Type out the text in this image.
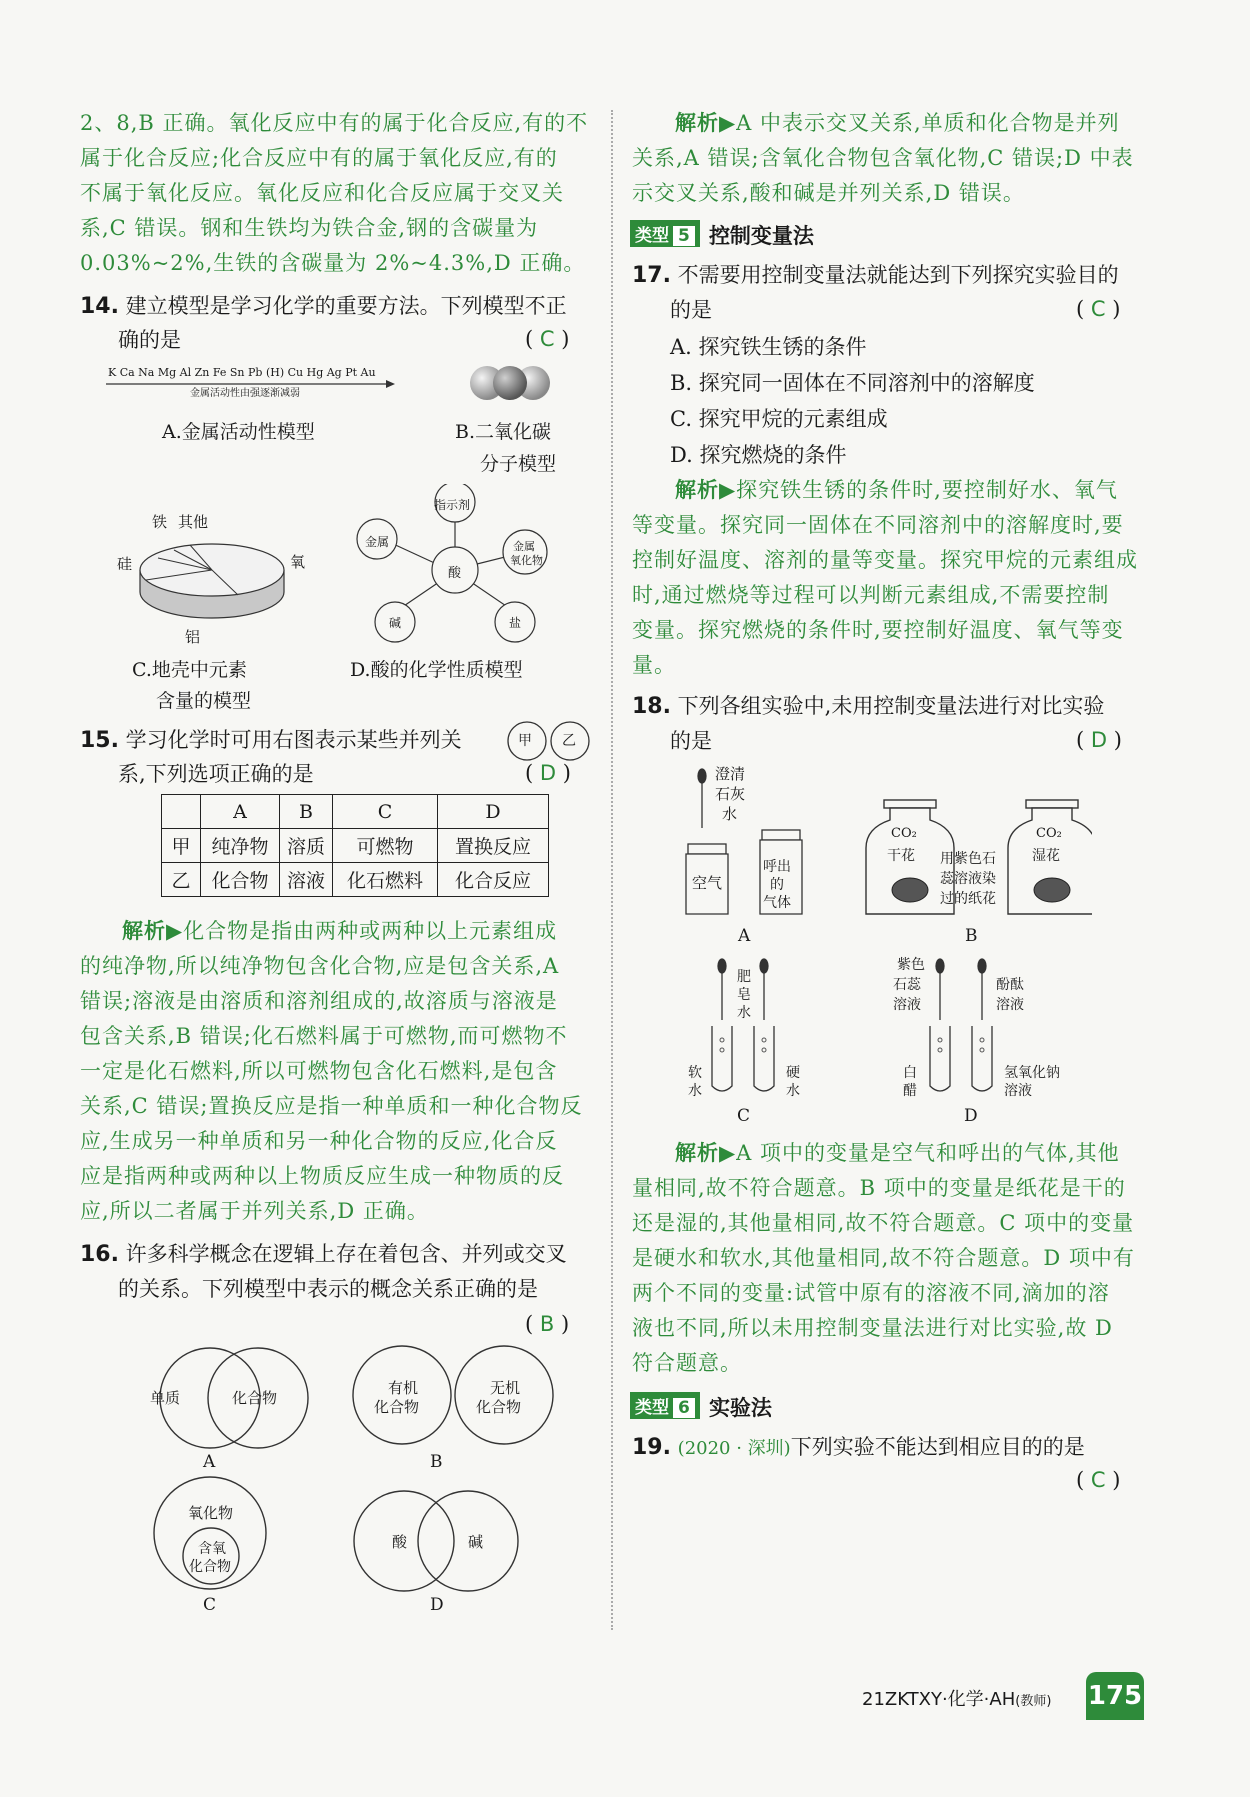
2、8,B 正确。氧化反应中有的属于化合反应,有的不
属于化合反应;化合反应中有的属于氧化反应,有的
不属于氧化反应。氧化反应和化合反应属于交叉关
系,C 错误。钢和生铁均为铁合金,钢的含碳量为
0.03%~2%,生铁的含碳量为 2%~4.3%,D 正确。
14. 建立模型是学习化学的重要方法。下列模型不正
确的是	( C )
K Ca Na Mg Al Zn Fe Sn Pb (H) Cu Hg Ag Pt Au
金属活动性由强逐渐减弱
A.金属活动性模型	B.二氧化碳
分子模型
铁 其他
硅	氧
铝
C.地壳中元素
含量的模型
指示剂
金属	金属
氧化物
酸
碱	盐
D.酸的化学性质模型
15. 学习化学时可用右图表示某些并列关
系,下列选项正确的是	( D )
甲 乙
	A	B	C	D
甲	纯净物	溶质	可燃物	置换反应
乙	化合物	溶液	化石燃料	化合反应
解析▶化合物是指由两种或两种以上元素组成
的纯净物,所以纯净物包含化合物,应是包含关系,A
错误;溶液是由溶质和溶剂组成的,故溶质与溶液是
包含关系,B 错误;化石燃料属于可燃物,而可燃物不
一定是化石燃料,所以可燃物包含化石燃料,是包含
关系,C 错误;置换反应是指一种单质和一种化合物反
应,生成另一种单质和另一种化合物的反应,化合反
应是指两种或两种以上物质反应生成一种物质的反
应,所以二者属于并列关系,D 正确。
16. 许多科学概念在逻辑上存在着包含、并列或交叉
的关系。下列模型中表示的概念关系正确的是
( B )
单质	化合物
A
有机
化合物
无机
化合物
B
氧化物
含氧
化合物
C
酸	碱
D
解析▶A 中表示交叉关系,单质和化合物是并列
关系,A 错误;含氧化合物包含氧化物,C 错误;D 中表
示交叉关系,酸和碱是并列关系,D 错误。
类型 5 控制变量法
17. 不需要用控制变量法就能达到下列探究实验目的
的是	( C )
A. 探究铁生锈的条件
B. 探究同一固体在不同溶剂中的溶解度
C. 探究甲烷的元素组成
D. 探究燃烧的条件
解析▶探究铁生锈的条件时,要控制好水、氧气
等变量。探究同一固体在不同溶剂中的溶解度时,要
控制好温度、溶剂的量等变量。探究甲烷的元素组成
时,通过燃烧等过程可以判断元素组成,不需要控制
变量。探究燃烧的条件时,要控制好温度、氧气等变
量。
18. 下列各组实验中,未用控制变量法进行对比实验
的是	( D )
澄清
石灰
水
空气
呼出
的
气体
A
CO₂
干花 用紫色石
蕊溶液染
过的纸花
CO₂
湿花
B
肥
皂
水
软
水
硬
水
C
紫色
石蕊
溶液
酚酞
溶液
白
醋
氢氧化钠
溶液
D
解析▶A 项中的变量是空气和呼出的气体,其他
量相同,故不符合题意。B 项中的变量是纸花是干的
还是湿的,其他量相同,故不符合题意。C 项中的变量
是硬水和软水,其他量相同,故不符合题意。D 项中有
两个不同的变量:试管中原有的溶液不同,滴加的溶
液也不同,所以未用控制变量法进行对比实验,故 D
符合题意。
类型 6 实验法
19. (2020 · 深圳)下列实验不能达到相应目的的是
( C )
21ZKTXY·化学·AH(教师) 175
